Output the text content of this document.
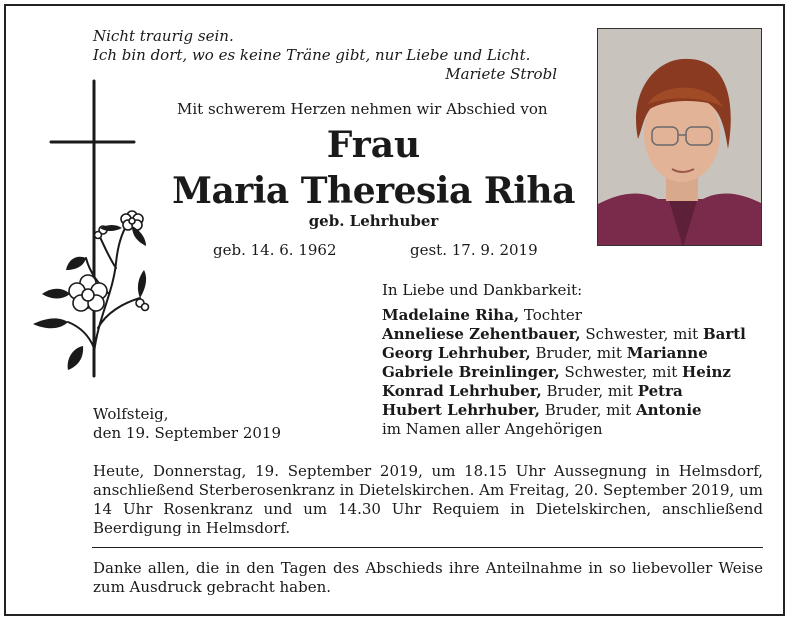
Nicht traurig sein.
Ich bin dort, wo es keine Träne gibt, nur Liebe und Licht.
Mariete Strobl
Mit schwerem Herzen nehmen wir Abschied von
Frau
Maria Theresia Riha
geb. Lehrhuber
geb. 14. 6. 1962	gest. 17. 9. 2019
In Liebe und Dankbarkeit:
Madelaine Riha, Tochter
Anneliese Zehentbauer, Schwester, mit Bartl
Georg Lehrhuber, Bruder, mit Marianne
Gabriele Breinlinger, Schwester, mit Heinz
Konrad Lehrhuber, Bruder, mit Petra
Hubert Lehrhuber, Bruder, mit Antonie
im Namen aller Angehörigen
Wolfsteig,
den 19. September 2019
Heute, Donnerstag, 19. September 2019, um 18.15 Uhr Aussegnung in Helmsdorf, anschließend Sterberosenkranz in Dietelskirchen. Am Freitag, 20. September 2019, um 14 Uhr Rosenkranz und um 14.30 Uhr Requiem in Dietelskirchen, anschließend Beerdigung in Helmsdorf.
Danke allen, die in den Tagen des Abschieds ihre Anteilnahme in so liebevoller Weise zum Ausdruck gebracht haben.
